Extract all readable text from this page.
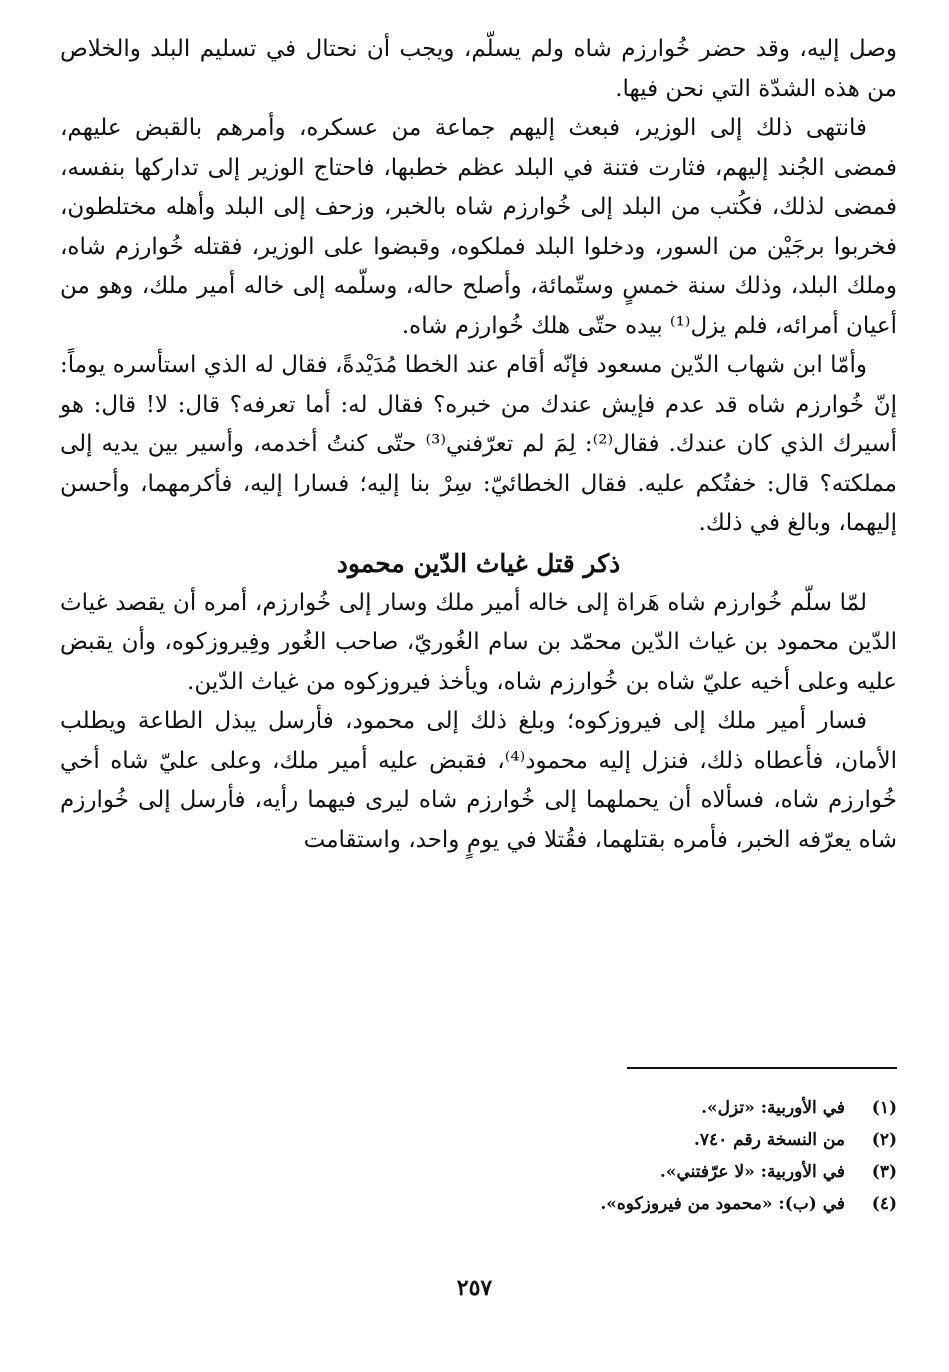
وصل إليه، وقد حضر خُوارزم شاه ولم يسلّم، ويجب أن نحتال في تسليم البلد والخلاص من هذه الشدّة التي نحن فيها.

فانتهى ذلك إلى الوزير، فبعث إليهم جماعة من عسكره، وأمرهم بالقبض عليهم، فمضى الجُند إليهم، فثارت فتنة في البلد عظم خطبها، فاحتاج الوزير إلى تداركها بنفسه، فمضى لذلك، فكُتب من البلد إلى خُوارزم شاه بالخبر، وزحف إلى البلد وأهله مختلطون، فخربوا برجَيْن من السور، ودخلوا البلد فملكوه، وقبضوا على الوزير، فقتله خُوارزم شاه، وملك البلد، وذلك سنة خمسٍ وستّمائة، وأصلح حاله، وسلّمه إلى خاله أمير ملك، وهو من أعيان أمرائه، فلم يزل⁽¹⁾ بيده حتّى هلك خُوارزم شاه.

وأمّا ابن شهاب الدّين مسعود فإنّه أقام عند الخطا مُدَيْدةً، فقال له الذي استأسره يوماً: إنّ خُوارزم شاه قد عدم فإيش عندك من خبره؟ فقال له: أما تعرفه؟ قال: لا! قال: هو أسيرك الذي كان عندك. فقال⁽²⁾: لِمَ لم تعرّفني⁽³⁾ حتّى كنتُ أخدمه، وأسير بين يديه إلى مملكته؟ قال: خفتُكم عليه. فقال الخطائيّ: سِرْ بنا إليه؛ فسارا إليه، فأكرمهما، وأحسن إليهما، وبالغ في ذلك.

ذكر قتل غياث الدّين محمود

لمّا سلّم خُوارزم شاه هَراة إلى خاله أمير ملك وسار إلى خُوارزم، أمره أن يقصد غياث الدّين محمود بن غياث الدّين محمّد بن سام الغُوريّ، صاحب الغُور وفِيروزكوه، وأن يقبض عليه وعلى أخيه عليّ شاه بن خُوارزم شاه، ويأخذ فيروزكوه من غياث الدّين.

فسار أمير ملك إلى فيروزكوه؛ وبلغ ذلك إلى محمود، فأرسل يبذل الطاعة ويطلب الأمان، فأعطاه ذلك، فنزل إليه محمود⁽⁴⁾، فقبض عليه أمير ملك، وعلى عليّ شاه أخي خُوارزم شاه، فسألاه أن يحملهما إلى خُوارزم شاه ليرى فيهما رأيه، فأرسل إلى خُوارزم شاه يعرّفه الخبر، فأمره بقتلهما، فقُتلا في يومٍ واحد، واستقامت

(١)
في الأوربية: «تزل».
(٢)
من النسخة رقم ٧٤٠.
(٣)
في الأوربية: «لا عرّفتني».
(٤)
في (ب): «محمود من فيروزكوه».
٢٥٧
